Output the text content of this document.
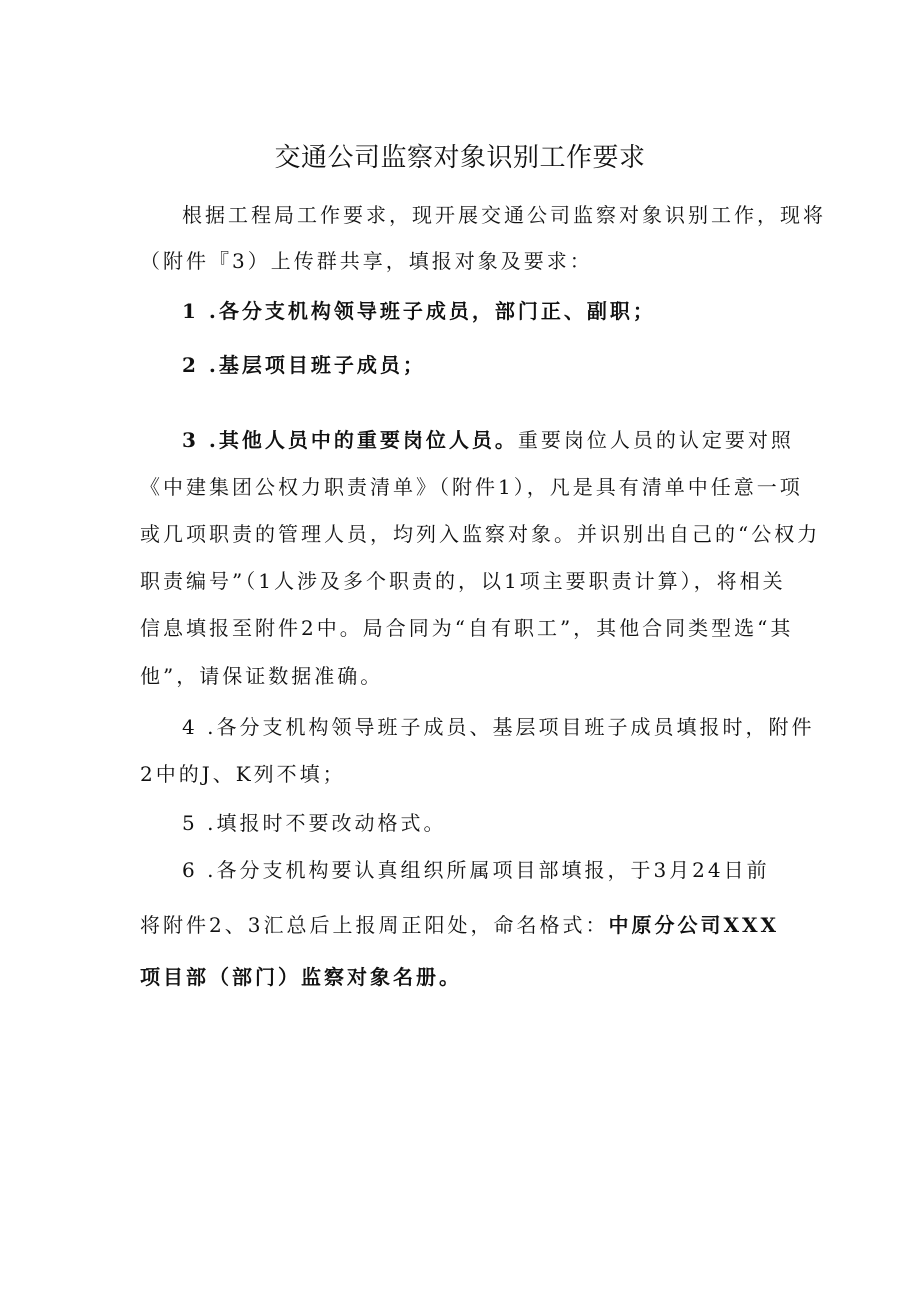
交通公司监察对象识别工作要求
根据工程局工作要求，现开展交通公司监察对象识别工作，现将
（附件『3）上传群共享，填报对象及要求：
1 .各分支机构领导班子成员，部门正、副职；
2 .基层项目班子成员；
3 .其他人员中的重要岗位人员。重要岗位人员的认定要对照
《中建集团公权力职责清单》（附件1），凡是具有清单中任意一项
或几项职责的管理人员，均列入监察对象。并识别出自己的“公权力
职责编号”（1人涉及多个职责的，以1项主要职责计算），将相关
信息填报至附件2中。局合同为“自有职工”，其他合同类型选“其
他”，请保证数据准确。
4 .各分支机构领导班子成员、基层项目班子成员填报时，附件
2中的J、K列不填；
5 .填报时不要改动格式。
6 .各分支机构要认真组织所属项目部填报，于3月24日前
将附件2、3汇总后上报周正阳处，命名格式：中原分公司XXX
项目部（部门）监察对象名册。
